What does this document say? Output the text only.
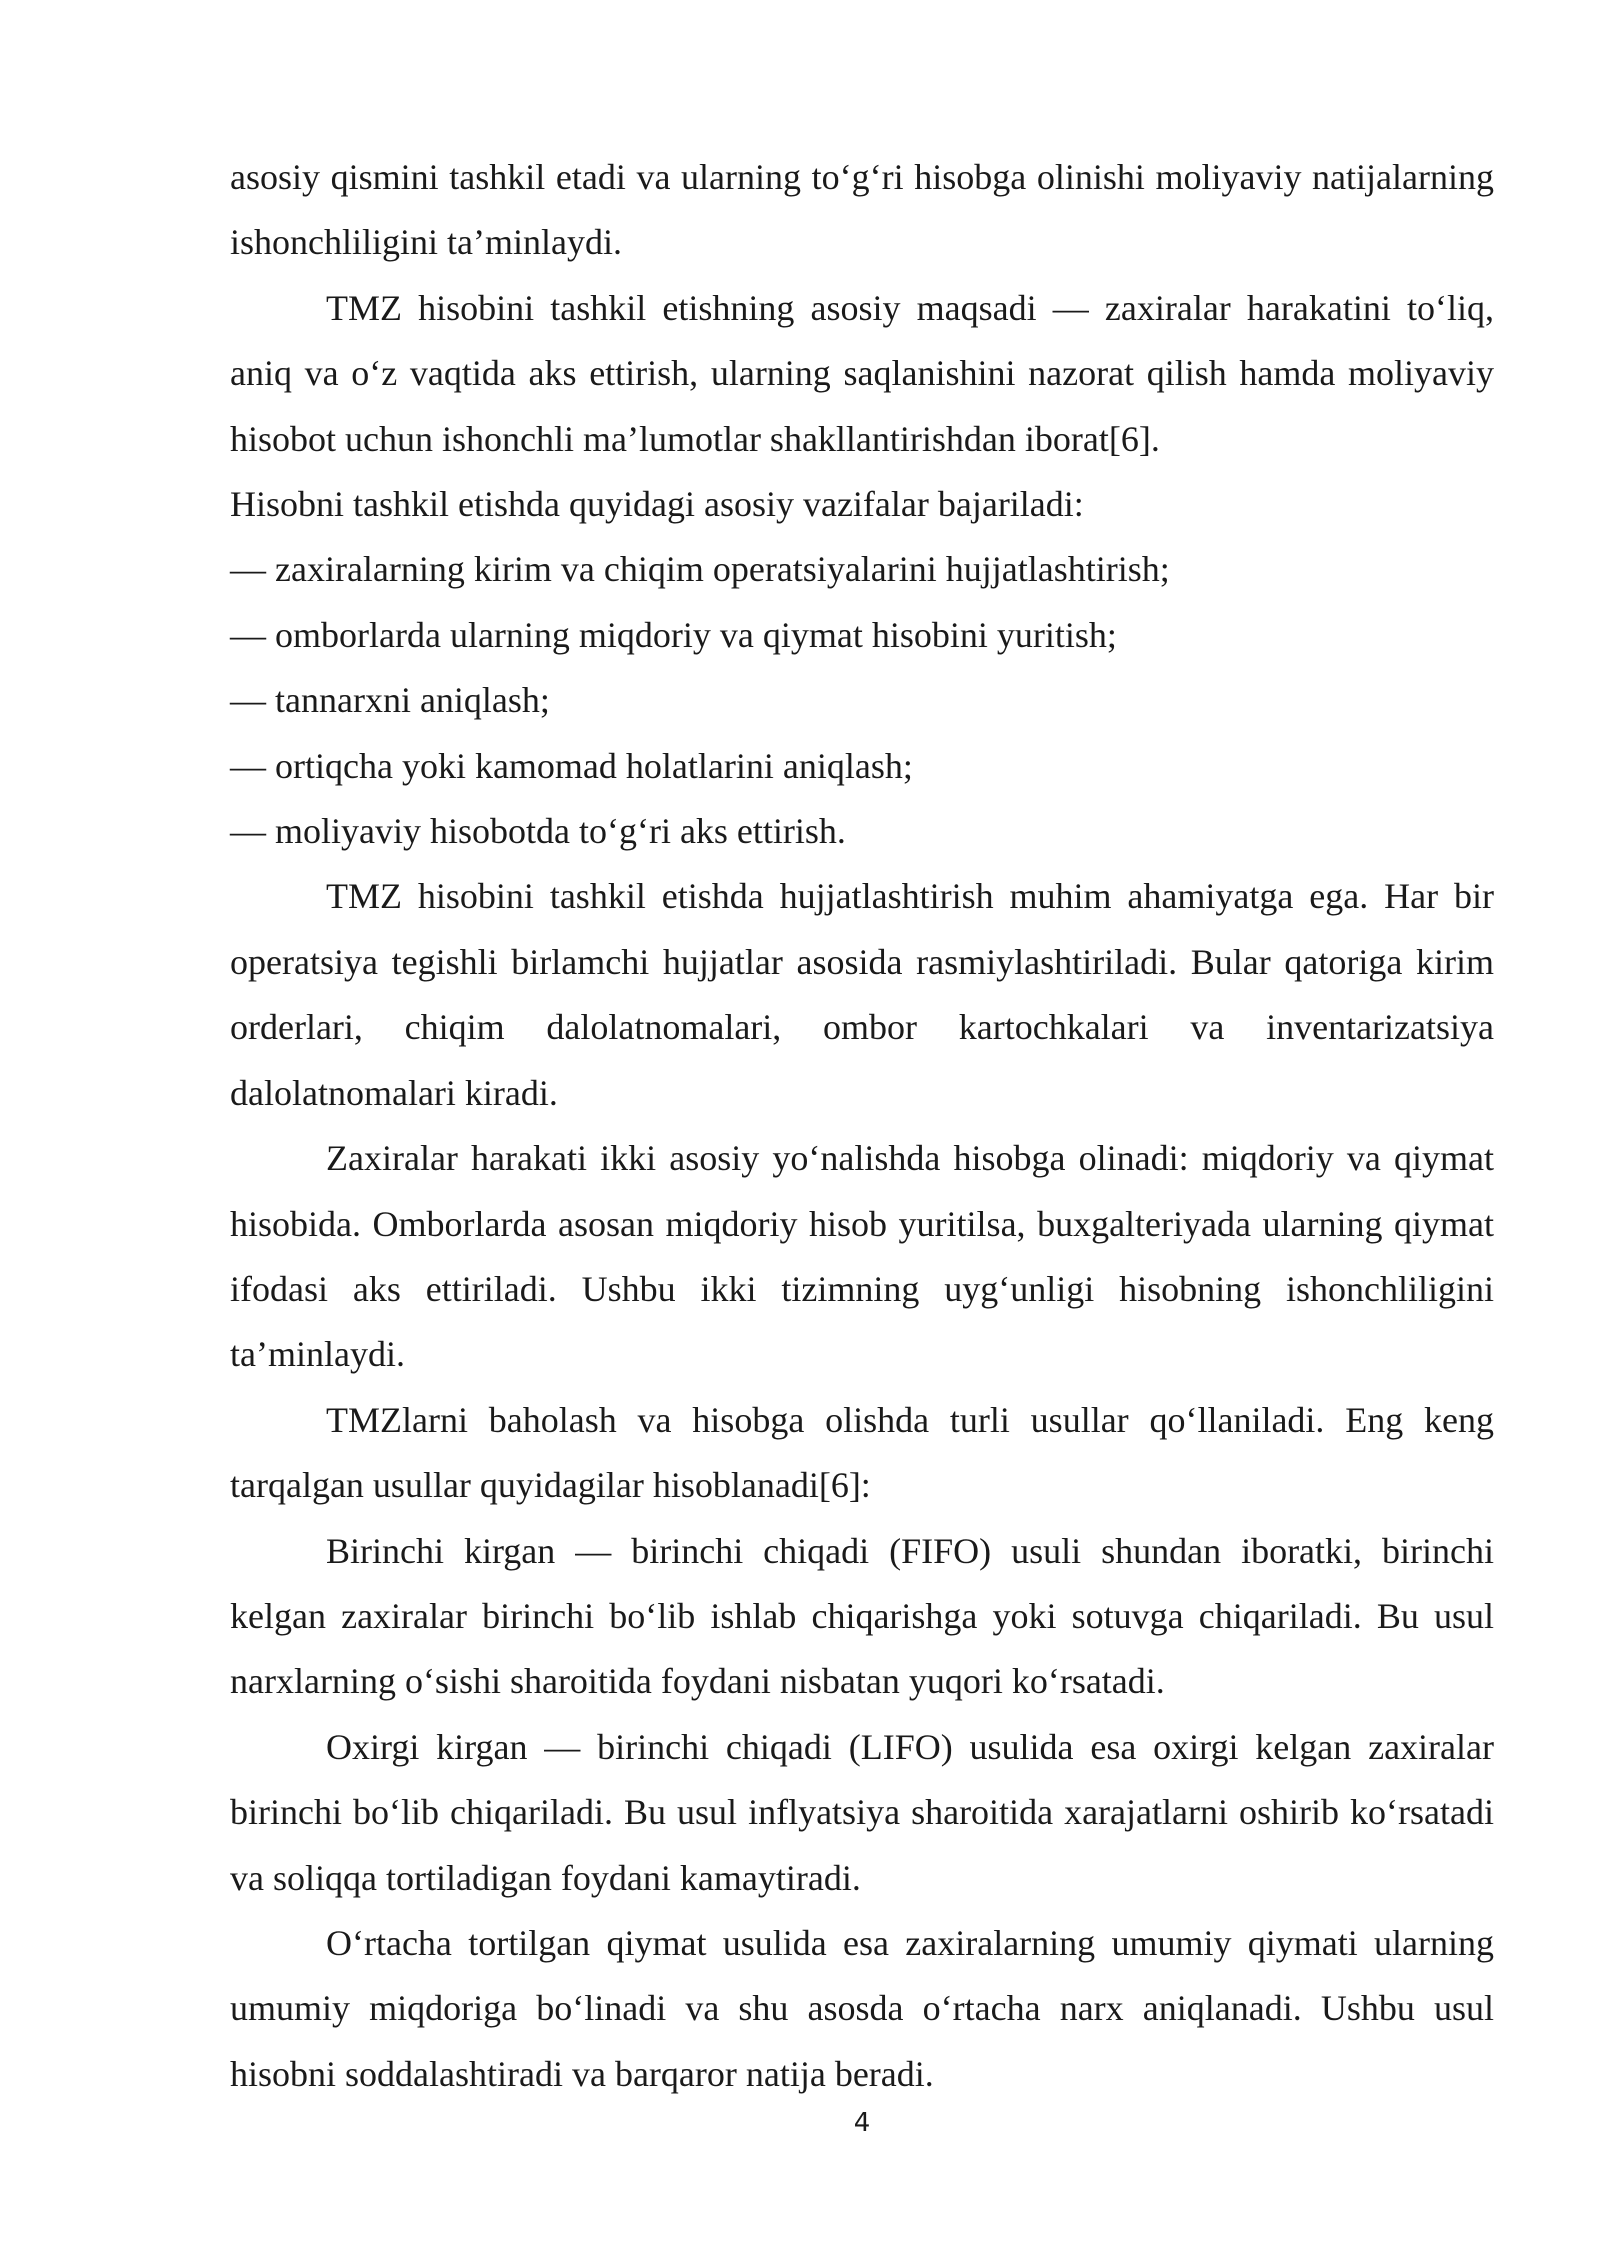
asosiy qismini tashkil etadi va ularning to‘g‘ri hisobga olinishi moliyaviy natijalarning ishonchliligini ta’minlaydi.

TMZ hisobini tashkil etishning asosiy maqsadi — zaxiralar harakatini to‘liq, aniq va o‘z vaqtida aks ettirish, ularning saqlanishini nazorat qilish hamda moliyaviy hisobot uchun ishonchli ma’lumotlar shakllantirishdan iborat[6].

Hisobni tashkil etishda quyidagi asosiy vazifalar bajariladi:

— zaxiralarning kirim va chiqim operatsiyalarini hujjatlashtirish;

— omborlarda ularning miqdoriy va qiymat hisobini yuritish;

— tannarxni aniqlash;

— ortiqcha yoki kamomad holatlarini aniqlash;

— moliyaviy hisobotda to‘g‘ri aks ettirish.

TMZ hisobini tashkil etishda hujjatlashtirish muhim ahamiyatga ega. Har bir operatsiya tegishli birlamchi hujjatlar asosida rasmiylashtiriladi. Bular qatoriga kirim orderlari, chiqim dalolatnomalari, ombor kartochkalari va inventarizatsiya dalolatnomalari kiradi.

Zaxiralar harakati ikki asosiy yo‘nalishda hisobga olinadi: miqdoriy va qiymat hisobida. Omborlarda asosan miqdoriy hisob yuritilsa, buxgalteriyada ularning qiymat ifodasi aks ettiriladi. Ushbu ikki tizimning uyg‘unligi hisobning ishonchliligini ta’minlaydi.

TMZlarni baholash va hisobga olishda turli usullar qo‘llaniladi. Eng keng tarqalgan usullar quyidagilar hisoblanadi[6]:

Birinchi kirgan — birinchi chiqadi (FIFO) usuli shundan iboratki, birinchi kelgan zaxiralar birinchi bo‘lib ishlab chiqarishga yoki sotuvga chiqariladi. Bu usul narxlarning o‘sishi sharoitida foydani nisbatan yuqori ko‘rsatadi.

Oxirgi kirgan — birinchi chiqadi (LIFO) usulida esa oxirgi kelgan zaxiralar birinchi bo‘lib chiqariladi. Bu usul inflyatsiya sharoitida xarajatlarni oshirib ko‘rsatadi va soliqqa tortiladigan foydani kamaytiradi.

O‘rtacha tortilgan qiymat usulida esa zaxiralarning umumiy qiymati ularning umumiy miqdoriga bo‘linadi va shu asosda o‘rtacha narx aniqlanadi. Ushbu usul hisobni soddalashtiradi va barqaror natija beradi.

4
